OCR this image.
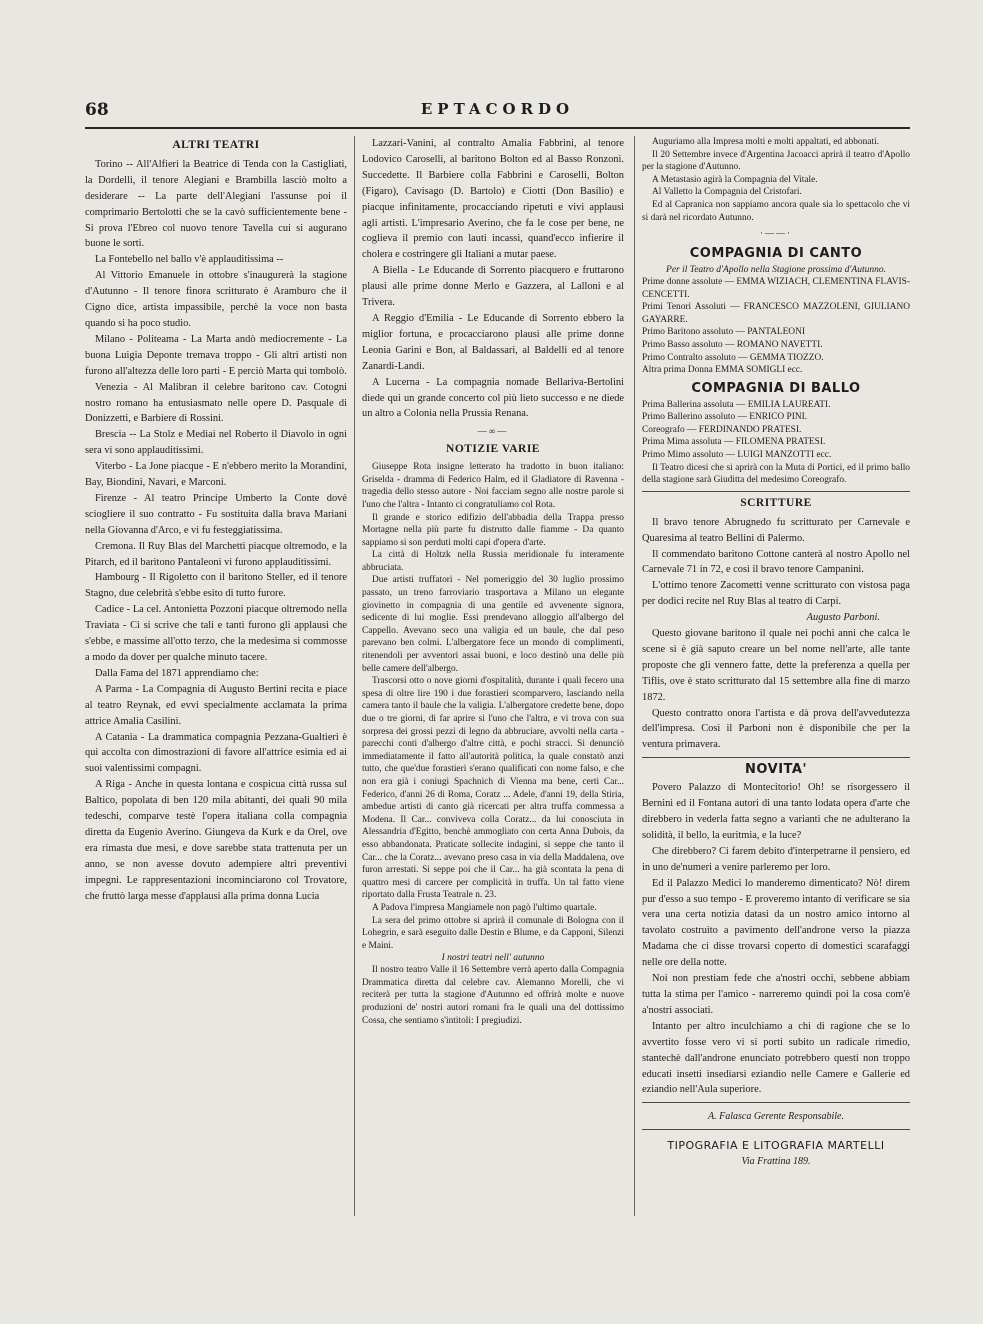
68	EPTACORDO
ALTRI TEATRI

Torino -- All'Alfieri la Beatrice di Tenda con la Castigliati, la Dordelli, il tenore Alegiani e Brambilla lasciò molto a desiderare -- La parte dell'Alegiani l'assunse poi il comprimario Bertolotti che se la cavò sufficientemente bene - Si prova l'Ebreo col nuovo tenore Tavella cui si augurano buone le sorti.

La Fontebello nel ballo v'è applauditissima --

Al Vittorio Emanuele in ottobre s'inaugurerà la stagione d'Autunno - Il tenore finora scritturato è Aramburo che il Cigno dice, artista impassibile, perchè la voce non basta quando si ha poco studio.

Milano - Politeama - La Marta andò mediocremente - La buona Luigia Deponte tremava troppo - Gli altri artisti non furono all'altezza delle loro parti - E perciò Marta qui tombolò.

Venezia - Al Malibran il celebre baritono cav. Cotogni nostro romano ha entusiasmato nelle opere D. Pasquale di Donizzetti, e Barbiere di Rossini.

Brescia -- La Stolz e Mediai nel Roberto il Diavolo in ogni sera vi sono applauditissimi.

Viterbo - La Jone piacque - E n'ebbero merito la Morandini, Bay, Biondini, Navari, e Marconi.

Firenze - Al teatro Principe Umberto la Conte dovè sciogliere il suo contratto - Fu sostituita dalla brava Mariani nella Giovanna d'Arco, e vi fu festeggiatissima.

Cremona. Il Ruy Blas del Marchetti piacque oltremodo, e la Pitarch, ed il baritono Pantaleoni vi furono applauditissimi.

Hambourg - Il Rigoletto con il baritono Steller, ed il tenore Stagno, due celebrità s'ebbe esito di tutto furore.

Cadice - La cel. Antonietta Pozzoni piacque oltremodo nella Traviata - Ci si scrive che tali e tanti furono gli applausi che s'ebbe, e massime all'otto terzo, che la medesima si commosse a modo da dover per qualche minuto tacere.

Dalla Fama del 1871 apprendiamo che:

A Parma - La Compagnia di Augusto Bertini recita e piace al teatro Reynak, ed evvi specialmente acclamata la prima attrice Amalia Casilini.

A Catania - La drammatica compagnia Pezzana-Gualtieri è qui accolta con dimostrazioni di favore all'attrice esimia ed ai suoi valentissimi compagni.

A Riga - Anche in questa lontana e cospicua città russa sul Baltico, popolata di ben 120 mila abitanti, dei quali 90 mila tedeschi, comparve testè l'opera italiana colla compagnia diretta da Eugenio Averino. Giungeva da Kurk e da Orel, ove era rimasta due mesi, e dove sarebbe stata trattenuta per un anno, se non avesse dovuto adempiere altri preventivi impegni. Le rappresentazioni incominciarono col Trovatore, che fruttò larga messe d'applausi alla prima donna Lucia

Lazzari-Vanini, al contralto Amalia Fabbrini, al tenore Lodovico Caroselli, al baritono Bolton ed al Basso Ronzoni. Succedette. Il Barbiere colla Fabbrini e Caroselli, Bolton (Figaro), Cavisago (D. Bartolo) e Ciotti (Don Basilio) e piacque infinitamente, procacciando ripetuti e vivi applausi agli artisti. L'impresario Averino, che fa le cose per bene, ne coglieva il premio con lauti incassi, quand'ecco infierire il cholera e costringere gli Italiani a mutar paese.

A Biella - Le Educande di Sorrento piacquero e fruttarono plausi alle prime donne Merlo e Gazzera, al Lalloni e al Trivera.

A Reggio d'Emilia - Le Educande di Sorrento ebbero la miglior fortuna, e procacciarono plausi alle prime donne Leonia Garini e Bon, al Baldassari, al Baldelli ed al tenore Zanardi-Landi.

A Lucerna - La compagnia nomade Bellariva-Bertolini diede qui un grande concerto col più lieto successo e ne diede un altro a Colonia nella Prussia Renana.

—∞—
NOTIZIE VARIE

Giuseppe Rota insigne letterato ha tradotto in buon italiano: Griselda - dramma di Federico Halm, ed il Gladiatore di Ravenna - tragedia dello stesso autore - Noi facciam segno alle nostre parole si l'uno che l'altra - Intanto ci congratuliamo col Rota.

Il grande e storico edifizio dell'abbadia della Trappa presso Mortagne nella più parte fu distrutto dalle fiamme - Da quanto sappiamo si son perduti molti capi d'opera d'arte.

La città di Holtzk nella Russia meridionale fu interamente abbruciata.

Due artisti truffatori - Nel pomeriggio del 30 luglio prossimo passato, un treno farroviario trasportava a Milano un elegante giovinetto in compagnia di una gentile ed avvenente signora, sedicente di lui moglie. Essi prendevano alloggio all'albergo del Cappello. Avevano seco una valigia ed un baule, che dal peso parevano ben colmi. L'albergatore fece un mondo di complimenti, ritenendoli per avventori assai buoni, e loco destinò una delle più belle camere dell'albergo.

Trascorsi otto o nove giorni d'ospitalità, durante i quali fecero una spesa di oltre lire 190 i due forastieri scomparvero, lasciando nella camera tanto il baule che la valigia. L'albergatore credette bene, dopo due o tre giorni, di far aprire si l'uno che l'altra, e vi trova con sua sorpresa dei grossi pezzi di legno da abbruciare, avvolti nella carta - parecchi conti d'albergo d'altre città, e pochi stracci. Si denunciò immediatamente il fatto all'autorità politica, la quale constatò anzi tutto, che que'due forastieri s'erano qualificati con nome falso, e che non era già i coniugi Spachnich di Vienna ma bene, certi Car... Federico, d'anni 26 di Roma, Coratz ... Adele, d'anni 19, della Stiria, ambedue artisti di canto già ricercati per altra truffa commessa a Modena. Il Car... conviveva colla Coratz... da lui conosciuta in Alessandria d'Egitto, benchè ammogliato con certa Anna Dubois, da esso abbandonata. Praticate sollecite indagini, si seppe che tanto il Car... che la Coratz... avevano preso casa in via della Maddalena, ove furon arrestati. Si seppe poi che il Car... ha già scontata la pena di quattro mesi di carcere per complicità in truffa. Un tal fatto viene riportato dalla Frusta Teatrale n. 23.

A Padova l'impresa Mangiamele non pagò l'ultimo quartale.

La sera del primo ottobre si aprirà il comunale di Bologna con il Lohegrin, e sarà eseguito dalle Destin e Blume, e da Capponi, Silenzi e Maini.

I nostri teatri nell' autunno

Il nostro teatro Valle il 16 Settembre verrà aperto dalla Compagnia Drammatica diretta dal celebre cav. Alemanno Morelli, che vi reciterà per tutta la stagione d'Autunno ed offrirà molte e nuove produzioni de' nostri autori romani fra le quali una del dottissimo Cossa, che sentiamo s'intitoli: I pregiudizi.

Auguriamo alla Impresa molti e molti appaltati, ed abbonati.

Il 20 Settembre invece d'Argentina Jacoacci aprirà il teatro d'Apollo per la stagione d'Autunno.

A Metastasio agirà la Compagnia del Vitale.

Al Valletto la Compagnia del Cristofari.

Ed al Capranica non sappiamo ancora quale sia lo spettacolo che vi si darà nel ricordato Autunno.

·——·
COMPAGNIA DI CANTO
Per il Teatro d'Apollo nella Stagione prossima d'Autunno.
Prime donne assolute — EMMA WIZIACH, CLEMENTINA FLAVIS-CENCETTI.
Primi Tenori Assoluti — FRANCESCO MAZZOLENI, GIULIANO GAYARRE.
Primo Baritono assoluto — PANTALEONI
Primo Basso assoluto — ROMANO NAVETTI.
Primo Contralto assoluto — GEMMA TIOZZO.
Altra prima Donna EMMA SOMIGLI ecc.
COMPAGNIA DI BALLO
Prima Ballerina assoluta — EMILIA LAUREATI.
Primo Ballerino assoluto — ENRICO PINI.
Coreografo — FERDINANDO PRATESI.
Prima Mima assoluta — FILOMENA PRATESI.
Primo Mimo assoluto — LUIGI MANZOTTI ecc.

Il Teatro dicesi che si aprirà con la Muta di Portici, ed il primo ballo della stagione sarà Giuditta del medesimo Coreografo.

SCRITTURE

Il bravo tenore Abrugnedo fu scritturato per Carnevale e Quaresima al teatro Bellini di Palermo.

Il commendato baritono Cottone canterà al nostro Apollo nel Carnevale 71 in 72, e così il bravo tenore Campanini.

L'ottimo tenore Zacometti venne scritturato con vistosa paga per dodici recite nel Ruy Blas al teatro di Carpi.

Augusto Parboni.

Questo giovane baritono il quale nei pochi anni che calca le scene si è già saputo creare un bel nome nell'arte, alle tante proposte che gli vennero fatte, dette la preferenza a quella per Tiflis, ove è stato scritturato dal 15 settembre alla fine di marzo 1872.

Questo contratto onora l'artista e dà prova dell'avvedutezza dell'impresa. Così il Parboni non è disponibile che per la ventura primavera.

NOVITA'

Povero Palazzo di Montecitorio! Oh! se risorgessero il Bernini ed il Fontana autori di una tanto lodata opera d'arte che direbbero in vederla fatta segno a varianti che ne adulterano la solidità, il bello, la euritmia, e la luce?

Che direbbero? Ci farem debito d'interpetrarne il pensiero, ed in uno de'numeri a venire parleremo per loro.

Ed il Palazzo Medici lo manderemo dimenticato? Nò! direm pur d'esso a suo tempo - E proveremo intanto di verificare se sia vera una certa notizia datasi da un nostro amico intorno al tavolato costruito a pavimento dell'androne verso la piazza Madama che ci disse trovarsi coperto di domestici scarafaggi nelle ore della notte.

Noi non prestiam fede che a'nostri occhi, sebbene abbiam tutta la stima per l'amico - narreremo quindi poi la cosa com'è a'nostri associati.

Intanto per altro inculchiamo a chi di ragione che se lo avvertito fosse vero vi si porti subito un radicale rimedio, stantechè dall'androne enunciato potrebbero questi non troppo educati insetti insediarsi eziandio nelle Camere e Gallerie ed eziandio nell'Aula superiore.

A. Falasca Gerente Responsabile.
TIPOGRAFIA E LITOGRAFIA MARTELLI
Via Frattina 189.
